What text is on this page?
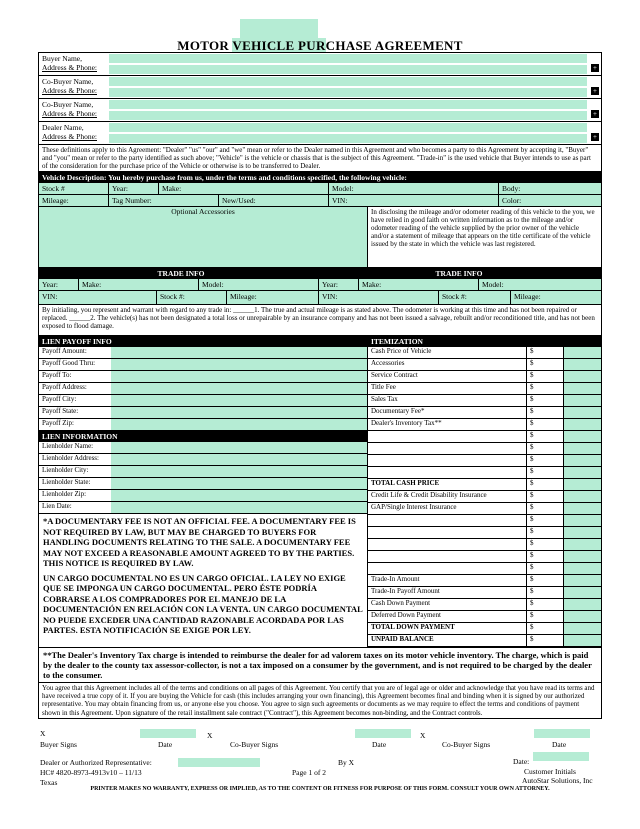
MOTOR VEHICLE PURCHASE AGREEMENT
Buyer Name,
Address & Phone:	+
Co-Buyer Name,
Address & Phone:	+
Co-Buyer Name,
Address & Phone:	+
Dealer Name,
Address & Phone:	+
These definitions apply to this Agreement: "Dealer" "us" "our" and "we" mean or refer to the Dealer named in this Agreement and who becomes a party to this Agreement by accepting it, "Buyer" and "you" mean or refer to the party identified as such above; "Vehicle" is the vehicle or chassis that is the subject of this Agreement. "Trade-in" is the used vehicle that Buyer intends to use as part of the consideration for the purchase price of the Vehicle or otherwise is to be transferred to Dealer.
Vehicle Description: You hereby purchase from us, under the terms and conditions specified, the following vehicle:
Stock #	Year:	Make:	Model:	Body:
Mileage:	Tag Number:	New/Used:	VIN:	Color:
Optional Accessories	In disclosing the mileage and/or odometer reading of this vehicle to the you, we have relied in good faith on written information as to the mileage and/or odometer reading of the vehicle supplied by the prior owner of the vehicle and/or a statement of mileage that appears on the title certificate of the vehicle issued by the state in which the vehicle was last registered.
TRADE INFO	TRADE INFO
Year:	Make:	Model:	Year:	Make:	Model:
VIN:	Stock #:	Mileage:	VIN:	Stock #:	Mileage:
By initialing, you represent and warrant with regard to any trade in: ______1. The true and actual mileage is as stated above. The odometer is working at this time and has not been repaired or replaced. ______2. The vehicle(s) has not been designated a total loss or unrepairable by an insurance company and has not been issued a salvage, rebuilt and/or reconditioned title, and has not been exposed to flood damage.
LIEN PAYOFF INFO
Payoff Amount:
Payoff Good Thru:
Payoff To:
Payoff Address:
Payoff City:
Payoff State:
Payoff Zip:
LIEN INFORMATION
Lienholder Name:
Lienholder Address:
Lienholder City:
Lienholder State:
Lienholder Zip:
Lien Date:
*A DOCUMENTARY FEE IS NOT AN OFFICIAL FEE. A DOCUMENTARY FEE IS NOT REQUIRED BY LAW, BUT MAY BE CHARGED TO BUYERS FOR HANDLING DOCUMENTS RELATING TO THE SALE. A DOCUMENTARY FEE MAY NOT EXCEED A REASONABLE AMOUNT AGREED TO BY THE PARTIES. THIS NOTICE IS REQUIRED BY LAW.
UN CARGO DOCUMENTAL NO ES UN CARGO OFICIAL. LA LEY NO EXIGE QUE SE IMPONGA UN CARGO DOCUMENTAL. PERO ÉSTE PODRÍA COBRARSE A LOS COMPRADORES POR EL MANEJO DE LA DOCUMENTACIÓN EN RELACIÓN CON LA VENTA. UN CARGO DOCUMENTAL NO PUEDE EXCEDER UNA CANTIDAD RAZONABLE ACORDADA POR LAS PARTES. ESTA NOTIFICACIÓN SE EXIGE POR LEY.
ITEMIZATION
Cash Price of Vehicle	$
Accessories	$
Service Contract	$
Title Fee	$
Sales Tax	$
Documentary Fee*	$
Dealer's Inventory Tax**	$
$
$
$
$
TOTAL CASH PRICE	$
Credit Life & Credit Disability Insurance	$
GAP/Single Interest Insurance	$
$
$
$
$
$
Trade-In Amount	$
Trade-In Payoff Amount	$
Cash Down Payment	$
Deferred Down Payment	$
TOTAL DOWN PAYMENT	$
UNPAID BALANCE	$
**The Dealer's Inventory Tax charge is intended to reimburse the dealer for ad valorem taxes on its motor vehicle inventory. The charge, which is paid by the dealer to the county tax assessor-collector, is not a tax imposed on a consumer by the government, and is not required to be charged by the dealer to the consumer.
You agree that this Agreement includes all of the terms and conditions on all pages of this Agreement. You certify that you are of legal age or older and acknowledge that you have read its terms and have received a true copy of it. If you are buying the Vehicle for cash (this includes arranging your own financing), this Agreement becomes final and binding when it is signed by our authorized representative. You may obtain financing from us, or anyone else you choose. You agree to sign such agreements or documents as we may require to effect the terms and conditions of payment shown in this Agreement. Upon signature of the retail installment sale contract ("Contract"), this Agreement becomes non-binding, and the Contract controls.
X
Buyer Signs	Date
X
Co-Buyer Signs	Date
X
Co-Buyer Signs	Date
Dealer or Authorized Representative:
HC# 4820-8973-4913v10 – 11/13
Texas
By X
Page 1 of 2
Date:
Customer Initials
AutoStar Solutions, Inc
PRINTER MAKES NO WARRANTY, EXPRESS OR IMPLIED, AS TO THE CONTENT OR FITNESS FOR PURPOSE OF THIS FORM. CONSULT YOUR OWN ATTORNEY.
